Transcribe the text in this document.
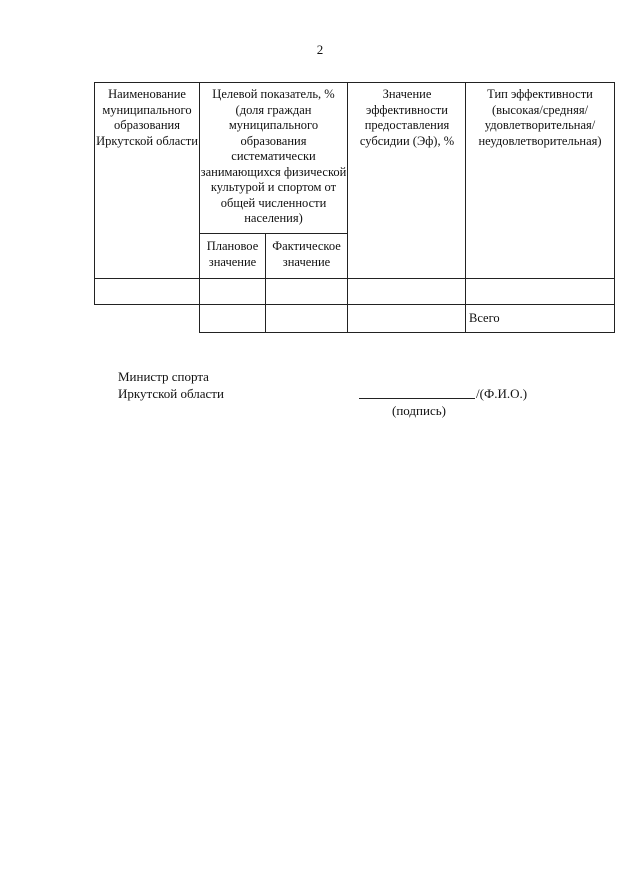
2
Наименование муниципального образования Иркутской области
Целевой показатель, % (доля граждан муниципального образования систематически занимающихся физической культурой и спортом от общей численности населения)
Плановое значение
Фактическое значение
Значение эффективности предоставления субсидии (Эф), %
Тип эффективности (высокая/средняя/ удовлетворительная/ неудовлетворительная)
Всего
Министр спорта
Иркутской области	/(Ф.И.О.)
(подпись)
